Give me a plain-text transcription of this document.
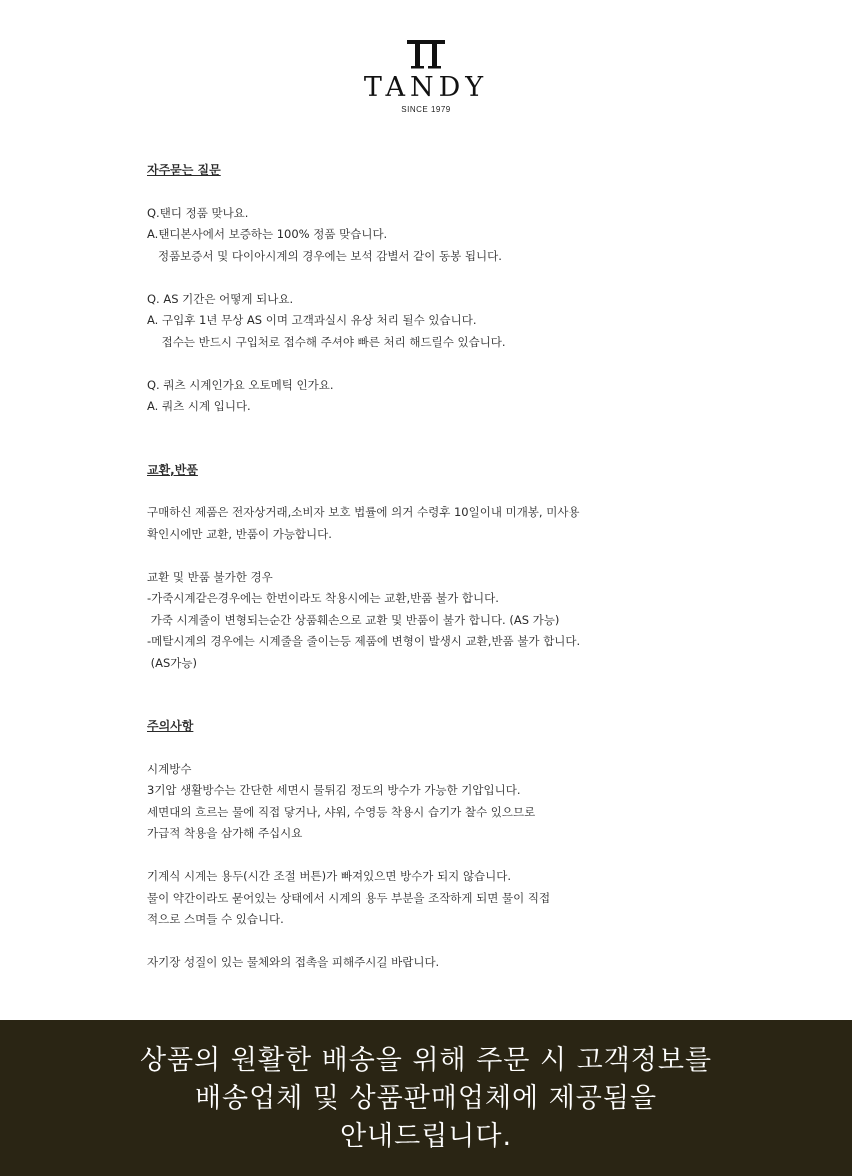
TANDY
SINCE 1979
자주묻는 질문
Q.탠디 정품 맞나요.
A.탠디본사에서 보증하는 100% 정품 맞습니다.
정품보증서 및 다이아시계의 경우에는 보석 감별서 같이 동봉 됩니다.
Q. AS 기간은 어떻게 되나요.
A. 구입후 1년 무상 AS 이며 고객과실시 유상 처리 될수 있습니다.
접수는 반드시 구입처로 접수해 주셔야 빠른 처리 해드릴수 있습니다.
Q. 쿼츠 시계인가요 오토메틱 인가요.
A. 쿼츠 시계 입니다.
교환,반품
구매하신 제품은 전자상거래,소비자 보호 법률에 의거 수령후 10일이내 미개봉, 미사용
확인시에만 교환, 반품이 가능합니다.
교환 및 반품 불가한 경우
-가죽시계같은경우에는 한번이라도 착용시에는 교환,반품 불가 합니다.
가죽 시계줄이 변형되는순간 상품훼손으로 교환 및 반품이 불가 합니다. (AS 가능)
-메탈시계의 경우에는 시계줄을 줄이는등 제품에 변형이 발생시 교환,반품 불가 합니다.
(AS가능)
주의사항
시계방수
3기압 생활방수는 간단한 세면시 물튀김 정도의 방수가 가능한 기압입니다.
세면대의 흐르는 물에 직접 닿거나, 샤워, 수영등 착용시 습기가 찰수 있으므로
가급적 착용을 삼가해 주십시요
기계식 시계는 용두(시간 조절 버튼)가 빠져있으면 방수가 되지 않습니다.
물이 약간이라도 묻어있는 상태에서 시계의 용두 부분을 조작하게 되면 물이 직접
적으로 스며들 수 있습니다.
자기장 성질이 있는 물체와의 접촉을 피해주시길 바랍니다.
상품의 원활한 배송을 위해 주문 시 고객정보를
배송업체 및 상품판매업체에 제공됨을
안내드립니다.
